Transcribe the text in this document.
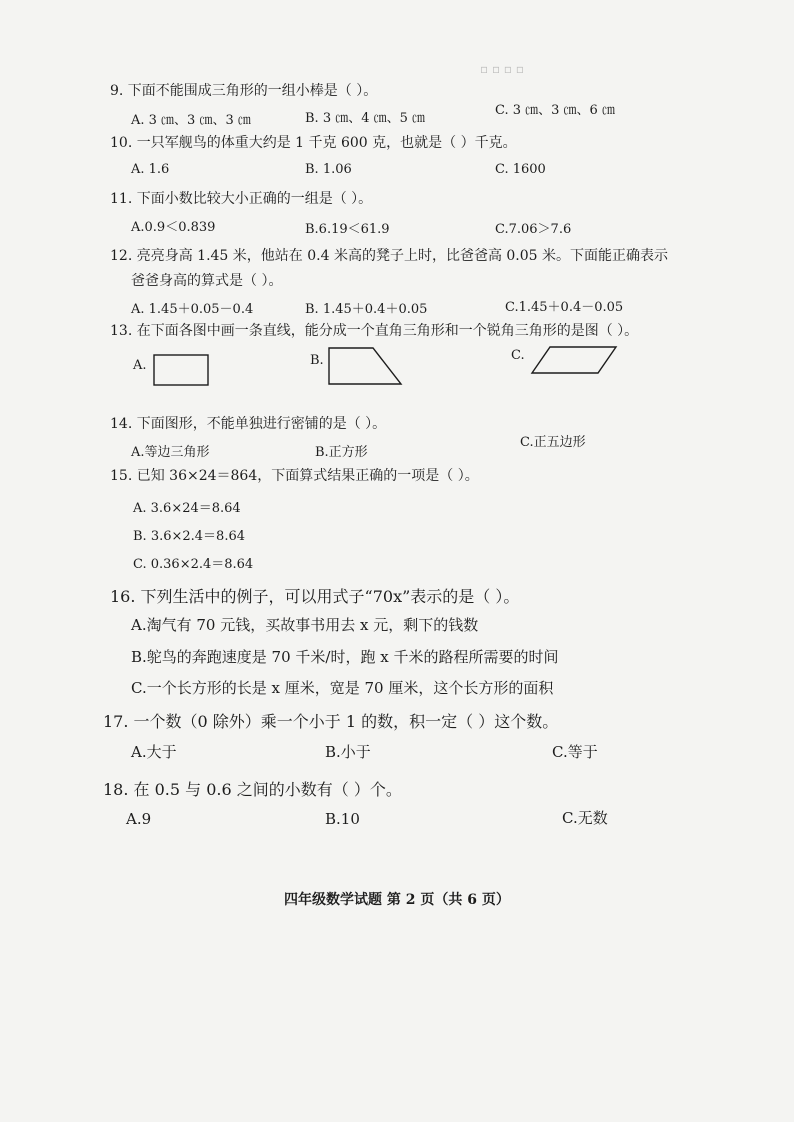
▫ ▫ ▫ ▫
9. 下面不能围成三角形的一组小棒是（ ）。
A. 3 ㎝、3 ㎝、3 ㎝	B. 3 ㎝、4 ㎝、5 ㎝
C. 3 ㎝、3 ㎝、6 ㎝
10. 一只军舰鸟的体重大约是 1 千克 600 克，也就是（ ）千克。
A. 1.6	B. 1.06	C. 1600
11. 下面小数比较大小正确的一组是（ ）。
A.0.9＜0.839	B.6.19＜61.9	C.7.06＞7.6
12. 亮亮身高 1.45 米，他站在 0.4 米高的凳子上时，比爸爸高 0.05 米。下面能正确表示
爸爸身高的算式是（ ）。
A. 1.45＋0.05－0.4	B. 1.45＋0.4＋0.05	C.1.45＋0.4－0.05
13. 在下面各图中画一条直线，能分成一个直角三角形和一个锐角三角形的是图（ ）。
A.	B.	C.
14. 下面图形，不能单独进行密铺的是（ ）。
A.等边三角形	B.正方形
C.正五边形
15. 已知 36×24＝864，下面算式结果正确的一项是（ ）。
A. 3.6×24＝8.64
B. 3.6×2.4＝8.64
C. 0.36×2.4＝8.64
16. 下列生活中的例子，可以用式子“70x”表示的是（ ）。
A.淘气有 70 元钱，买故事书用去 x 元，剩下的钱数
B.鸵鸟的奔跑速度是 70 千米/时，跑 x 千米的路程所需要的时间
C.一个长方形的长是 x 厘米，宽是 70 厘米，这个长方形的面积
17. 一个数（0 除外）乘一个小于 1 的数，积一定（ ）这个数。
A.大于	B.小于	C.等于
18. 在 0.5 与 0.6 之间的小数有（ ）个。
A.9	B.10	C.无数
四年级数学试题 第 2 页（共 6 页）
